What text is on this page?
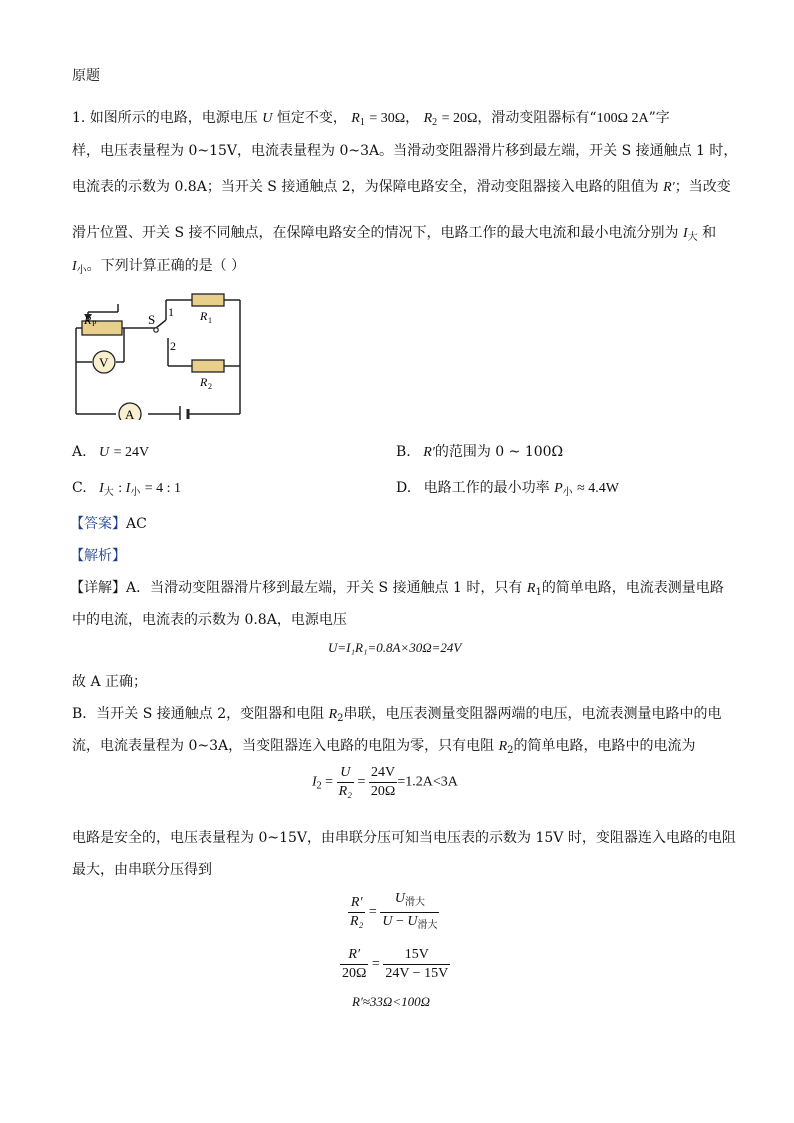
原题
1. 如图所示的电路，电源电压 U 恒定不变， $R_1 = 30\Omega$， $R_2 = 20\Omega$，滑动变阻器标有“100Ω 2A”字
样，电压表量程为 0~15V，电流表量程为 0~3A。当滑动变阻器滑片移到最左端，开关 S 接通触点 1 时，
电流表的示数为 0.8A；当开关 S 接通触点 2，为保障电路安全，滑动变阻器接入电路的阻值为 R′；当改变
滑片位置、开关 S 接不同触点，在保障电路安全的情况下，电路工作的最大电流和最小电流分别为 $I_大$ 和
$I_小$。下列计算正确的是（ ）
R P	S 1
2
R 1
R 2
V
A
A. U = 24V	B. R′的范围为 0 ~ 100Ω
C. $I_大$ : $I_小 = 4$ : 1	D. 电路工作的最小功率 $P_小 \approx 4.4W$
【答案】AC
【解析】
【详解】A．当滑动变阻器滑片移到最左端，开关 S 接通触点 1 时，只有 $R_1$的简单电路，电流表测量电路
中的电流，电流表的示数为 0.8A，电源电压
U=I₁R₁=0.8A×30Ω=24V
故 A 正确；
B．当开关 S 接通触点 2，变阻器和电阻 $R_2$串联，电压表测量变阻器两端的电压，电流表测量电路中的电
流，电流表量程为 0~3A，当变阻器连入电路的电阻为零，只有电阻 $R_2$的简单电路，电路中的电流为
$I_2 = \frac{U}{\text{R₂}} = \frac{24V}{20\Omega} =1.2A<3A$
电路是安全的，电压表量程为 0~15V，由串联分压可知当电压表的示数为 15V 时，变阻器连入电路的电阻
最大，由串联分压得到
$\frac{R'}{\text{R₂}} = \frac{U_{滑大}}{U - U_{滑大}}$
$\frac{R'}{20\Omega} = \frac{15V}{24V - 15V}$
R′≈33Ω<100Ω
